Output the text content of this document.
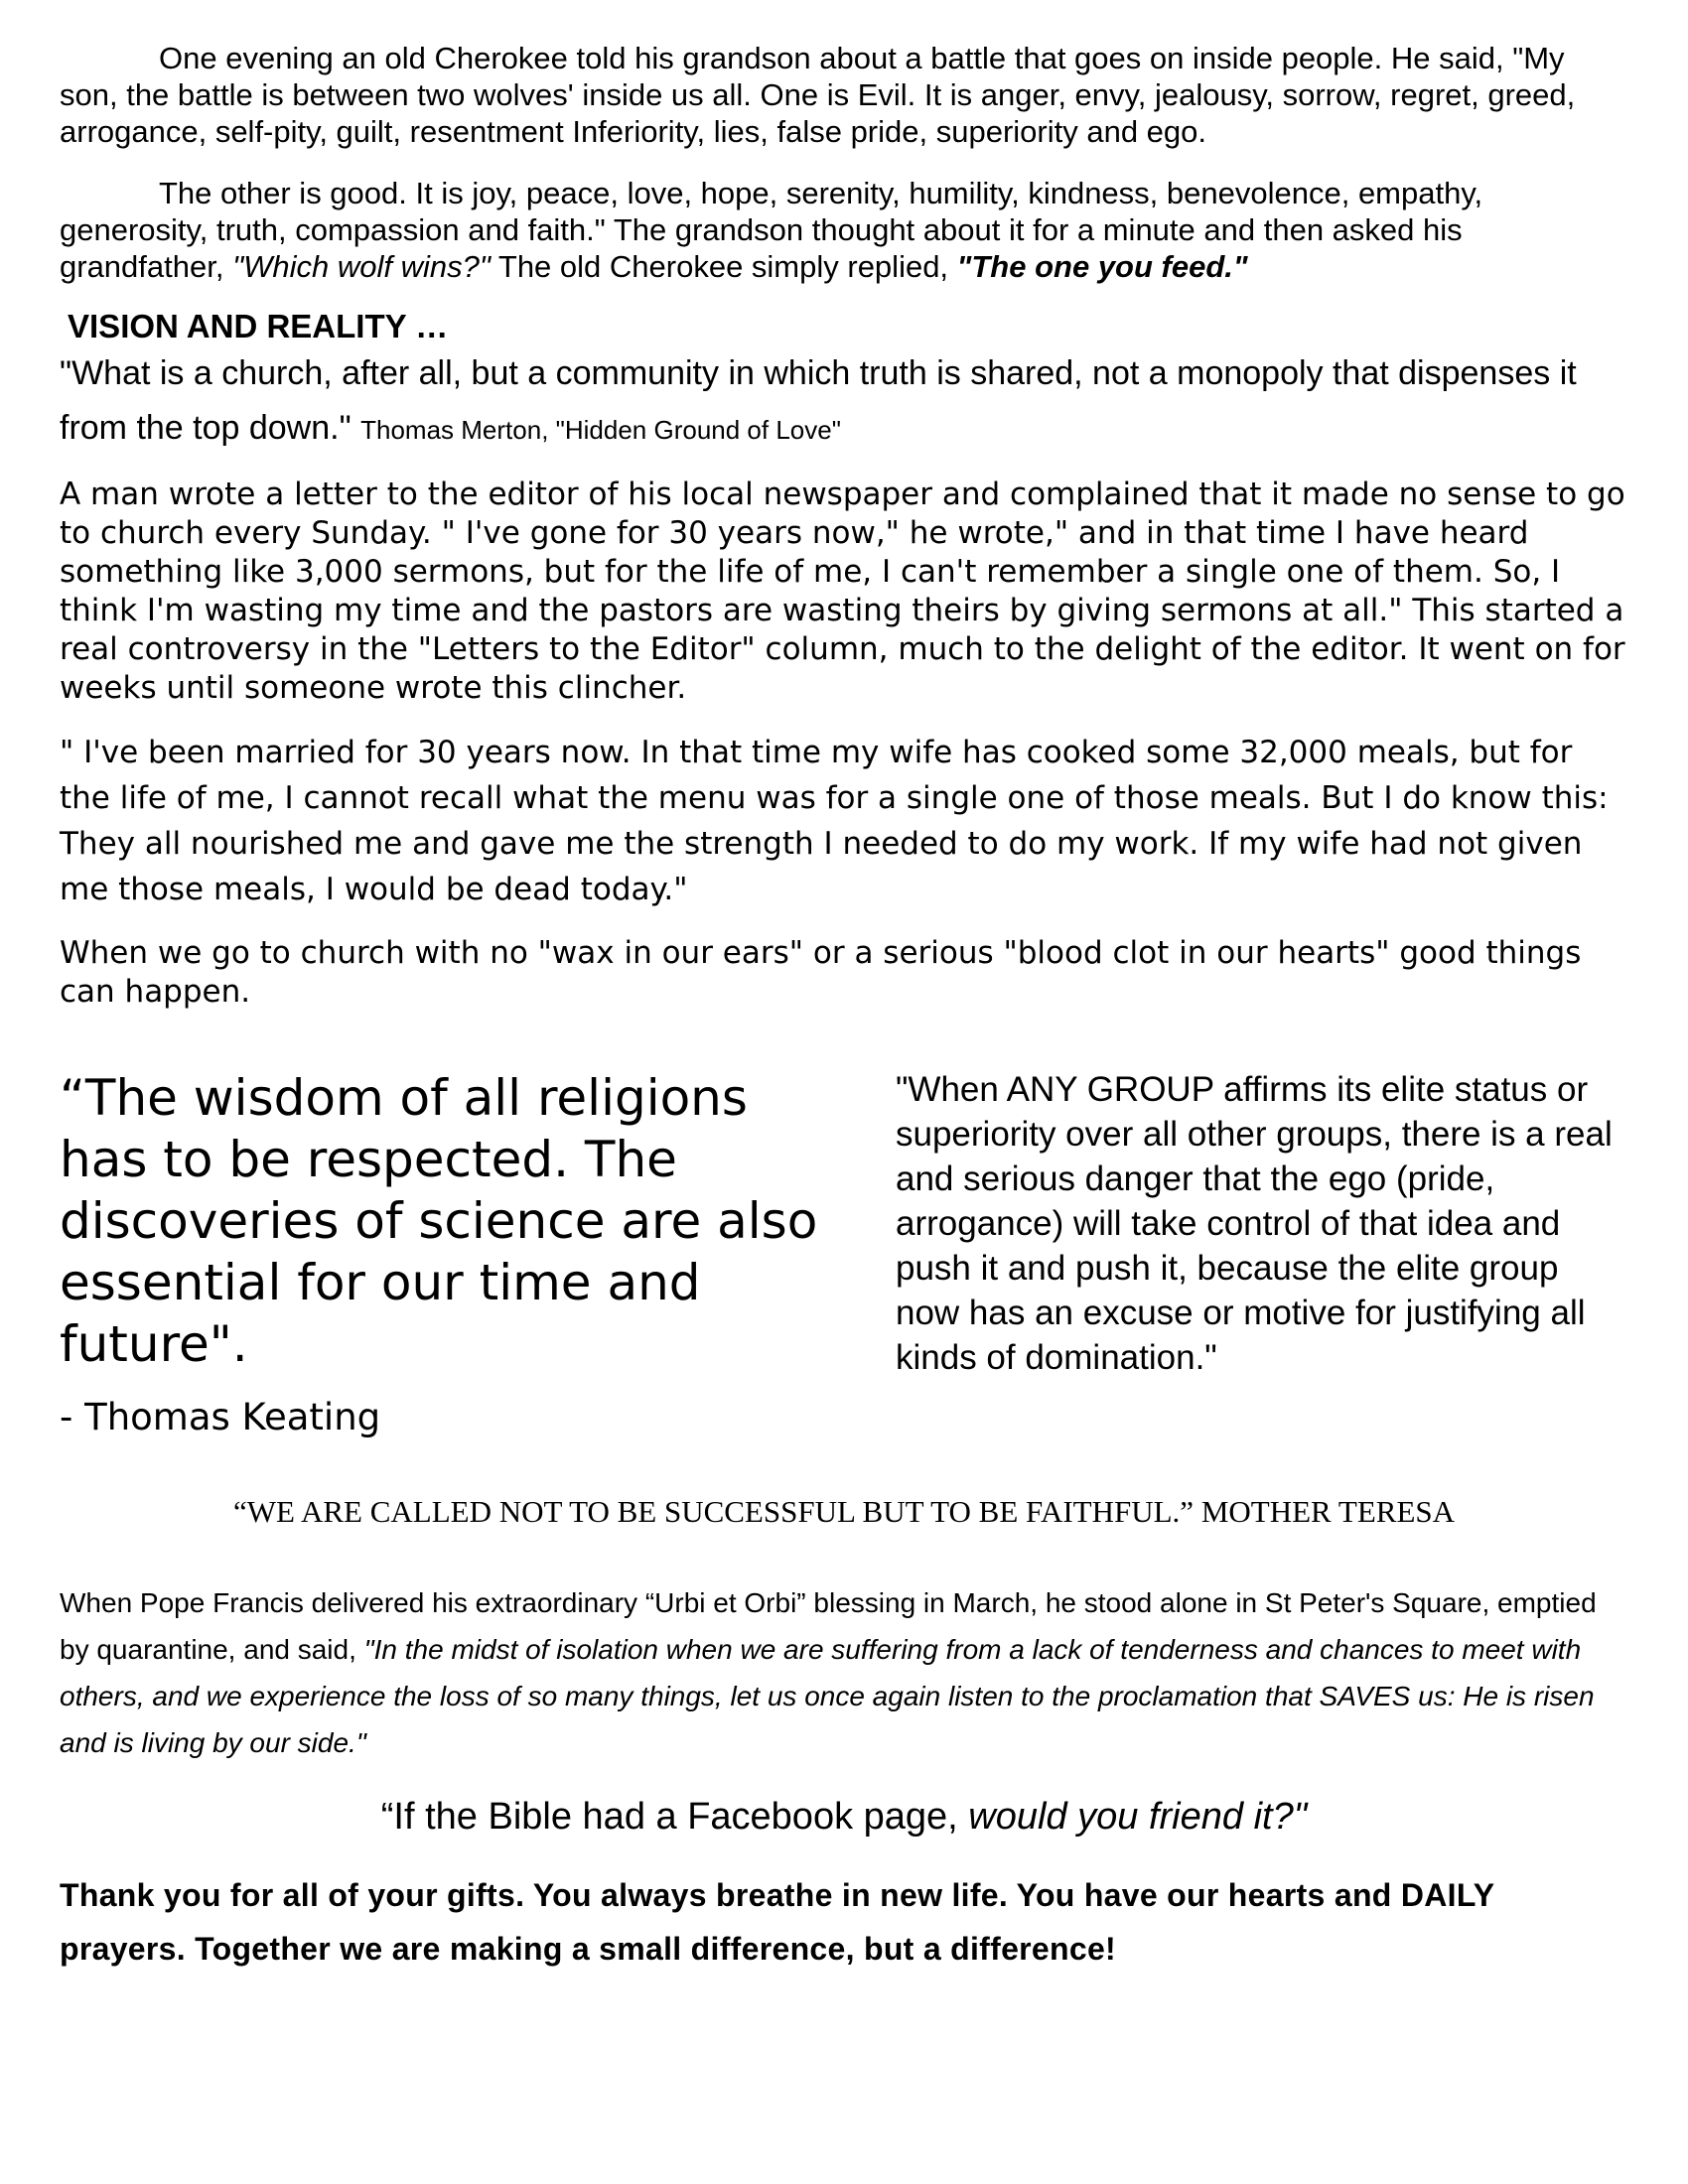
One evening an old Cherokee told his grandson about a battle that goes on inside people. He said, "My son, the battle is between two wolves' inside us all. One is Evil. It is anger, envy, jealousy, sorrow, regret, greed, arrogance, self-pity, guilt, resentment Inferiority, lies, false pride, superiority and ego.

The other is good. It is joy, peace, love, hope, serenity, humility, kindness, benevolence, empathy, generosity, truth, compassion and faith." The grandson thought about it for a minute and then asked his grandfather, "Which wolf wins?" The old Cherokee simply replied, "The one you feed."

VISION AND REALITY …

"What is a church, after all, but a community in which truth is shared, not a monopoly that dispenses it from the top down." Thomas Merton, "Hidden Ground of Love"

A man wrote a letter to the editor of his local newspaper and complained that it made no sense to go to church every Sunday. " I've gone for 30 years now," he wrote," and in that time I have heard something like 3,000 sermons, but for the life of me, I can't remember a single one of them. So, I think I'm wasting my time and the pastors are wasting theirs by giving sermons at all." This started a real controversy in the "Letters to the Editor" column, much to the delight of the editor. It went on for weeks until someone wrote this clincher.

" I've been married for 30 years now. In that time my wife has cooked some 32,000 meals, but for the life of me, I cannot recall what the menu was for a single one of those meals. But I do know this: They all nourished me and gave me the strength I needed to do my work. If my wife had not given me those meals, I would be dead today."

When we go to church with no "wax in our ears" or a serious "blood clot in our hearts" good things can happen.

“The wisdom of all religions has to be respected. The discoveries of science are also essential for our time and future".

- Thomas Keating

"When ANY GROUP affirms its elite status or superiority over all other groups, there is a real and serious danger that the ego (pride, arrogance) will take control of that idea and push it and push it, because the elite group now has an excuse or motive for justifying all kinds of domination."

“WE ARE CALLED NOT TO BE SUCCESSFUL BUT TO BE FAITHFUL.” MOTHER TERESA

When Pope Francis delivered his extraordinary “Urbi et Orbi” blessing in March, he stood alone in St Peter's Square, emptied by quarantine, and said, "In the midst of isolation when we are suffering from a lack of tenderness and chances to meet with others, and we experience the loss of so many things, let us once again listen to the proclamation that SAVES us: He is risen and is living by our side."

“If the Bible had a Facebook page, would you friend it?"

Thank you for all of your gifts. You always breathe in new life. You have our hearts and DAILY prayers. Together we are making a small difference, but a difference!
